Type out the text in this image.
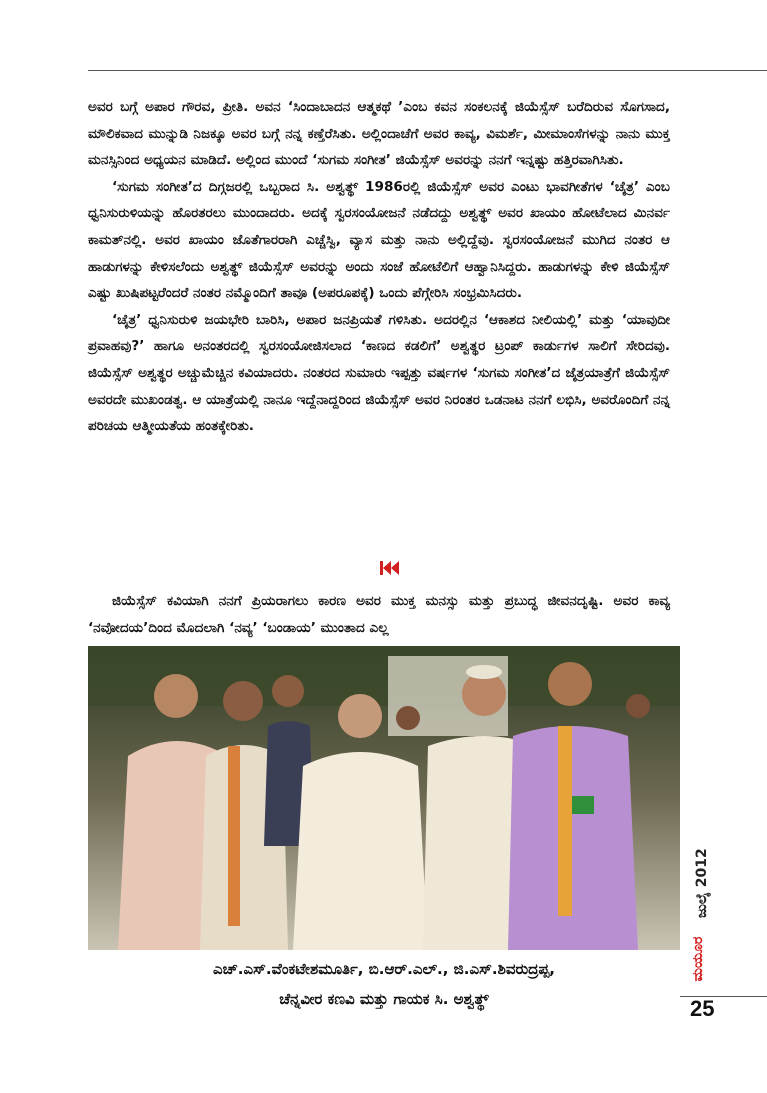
ಅವರ ಬಗ್ಗೆ ಅಪಾರ ಗೌರವ, ಪ್ರೀತಿ. ಅವನ ‘ಸಿಂದಾಬಾದನ ಆತ್ಮಕಥೆ ’ಎಂಬ ಕವನ ಸಂಕಲನಕ್ಕೆ ಜಿಯೆಸ್ಸೆಸ್ ಬರೆದಿರುವ ಸೊಗಸಾದ, ಮೌಲಿಕವಾದ ಮುನ್ನುಡಿ ನಿಜಕ್ಕೂ ಅವರ ಬಗ್ಗೆ ನನ್ನ ಕಣ್ತೆರೆಸಿತು. ಅಲ್ಲಿಂದಾಚೆಗೆ ಅವರ ಕಾವ್ಯ, ವಿಮರ್ಶೆ, ಮೀಮಾಂಸೆಗಳನ್ನು ನಾನು ಮುಕ್ತ ಮನಸ್ಸಿನಿಂದ ಅಧ್ಯಯನ ಮಾಡಿದೆ. ಅಲ್ಲಿಂದ ಮುಂದೆ ‘ಸುಗಮ ಸಂಗೀತ’ ಜಿಯೆಸ್ಸೆಸ್ ಅವರನ್ನು ನನಗೆ ಇನ್ನಷ್ಟು ಹತ್ತಿರವಾಗಿಸಿತು.

‘ಸುಗಮ ಸಂಗೀತ’ದ ದಿಗ್ಗಜರಲ್ಲಿ ಒಬ್ಬರಾದ ಸಿ. ಅಶ್ವತ್ಥ್ 1986ರಲ್ಲಿ ಜಿಯೆಸ್ಸೆಸ್ ಅವರ ಎಂಟು ಭಾವಗೀತೆಗಳ ‘ಚೈತ್ರ’ ಎಂಬ ಧ್ವನಿಸುರುಳಿಯನ್ನು ಹೊರತರಲು ಮುಂದಾದರು. ಅದಕ್ಕೆ ಸ್ವರಸಂಯೋಜನೆ ನಡೆದದ್ದು ಅಶ್ವತ್ಥ್ ಅವರ ಖಾಯಂ ಹೋಟೆಲಾದ ಮಿನರ್ವ ಕಾಮತ್‌ನಲ್ಲಿ. ಅವರ ಖಾಯಂ ಜೊತೆಗಾರರಾಗಿ ಎಚ್ಚೆಸ್ವಿ, ವ್ಯಾಸ ಮತ್ತು ನಾನು ಅಲ್ಲಿದ್ದೆವು. ಸ್ವರಸಂಯೋಜನೆ ಮುಗಿದ ನಂತರ ಆ ಹಾಡುಗಳನ್ನು ಕೇಳಿಸಲೆಂದು ಅಶ್ವತ್ಥ್ ಜಿಯೆಸ್ಸೆಸ್ ಅವರನ್ನು ಅಂದು ಸಂಜೆ ಹೋಟೆಲಿಗೆ ಆಹ್ವಾನಿಸಿದ್ದರು. ಹಾಡುಗಳನ್ನು ಕೇಳಿ ಜಿಯೆಸ್ಸೆಸ್ ಎಷ್ಟು ಖುಷಿಪಟ್ಟರೆಂದರೆ ನಂತರ ನಮ್ಮೊಂದಿಗೆ ತಾವೂ (ಅಪರೂಪಕ್ಕೆ) ಒಂದು ಪೆಗ್ಗೇರಿಸಿ ಸಂಭ್ರಮಿಸಿದರು.

‘ಚೈತ್ರ’ ಧ್ವನಿಸುರುಳಿ ಜಯಭೇರಿ ಬಾರಿಸಿ, ಅಪಾರ ಜನಪ್ರಿಯತೆ ಗಳಿಸಿತು. ಅದರಲ್ಲಿನ ‘ಆಕಾಶದ ನೀಲಿಯಲ್ಲಿ’ ಮತ್ತು ‘ಯಾವುದೀ ಪ್ರವಾಹವು?’ ಹಾಗೂ ಅನಂತರದಲ್ಲಿ ಸ್ವರಸಂಯೋಜಿಸಲಾದ ‘ಕಾಣದ ಕಡಲಿಗೆ’ ಅಶ್ವತ್ಥರ ಟ್ರಂಪ್ ಕಾರ್ಡುಗಳ ಸಾಲಿಗೆ ಸೇರಿದವು. ಜಿಯೆಸ್ಸೆಸ್ ಅಶ್ವತ್ಥರ ಅಚ್ಚುಮೆಚ್ಚಿನ ಕವಿಯಾದರು. ನಂತರದ ಸುಮಾರು ಇಪ್ಪತ್ತು ವರ್ಷಗಳ ‘ಸುಗಮ ಸಂಗೀತ’ದ ಜೈತ್ರಯಾತ್ರೆಗೆ ಜಿಯೆಸ್ಸೆಸ್ ಅವರದೇ ಮುಖಂಡತ್ವ. ಆ ಯಾತ್ರೆಯಲ್ಲಿ ನಾನೂ ಇದ್ದೆನಾದ್ದರಿಂದ ಜಿಯೆಸ್ಸೆಸ್ ಅವರ ನಿರಂತರ ಒಡನಾಟ ನನಗೆ ಲಭಿಸಿ, ಅವರೊಂದಿಗೆ ನನ್ನ ಪರಿಚಯ ಆತ್ಮೀಯತೆಯ ಹಂತಕ್ಕೇರಿತು.

ಜಿಯೆಸ್ಸೆಸ್ ಕವಿಯಾಗಿ ನನಗೆ ಪ್ರಿಯರಾಗಲು ಕಾರಣ ಅವರ ಮುಕ್ತ ಮನಸ್ಸು ಮತ್ತು ಪ್ರಬುದ್ಧ ಜೀವನದೃಷ್ಟಿ. ಅವರ ಕಾವ್ಯ ‘ನವೋದಯ’ದಿಂದ ಮೊದಲಾಗಿ ‘ನವ್ಯ’ ‘ಬಂಡಾಯ’ ಮುಂತಾದ ಎಲ್ಲ

ಎಚ್.ಎಸ್.ವೆಂಕಟೇಶಮೂರ್ತಿ, ಬಿ.ಆರ್.ಎಲ್., ಜಿ.ಎಸ್.ಶಿವರುದ್ರಪ್ಪ,
ಚೆನ್ನವೀರ ಕಣವಿ ಮತ್ತು ಗಾಯಕ ಸಿ. ಅಶ್ವತ್ಥ್
ಜುಲೈ 2012
ಮಯೂರ
25
